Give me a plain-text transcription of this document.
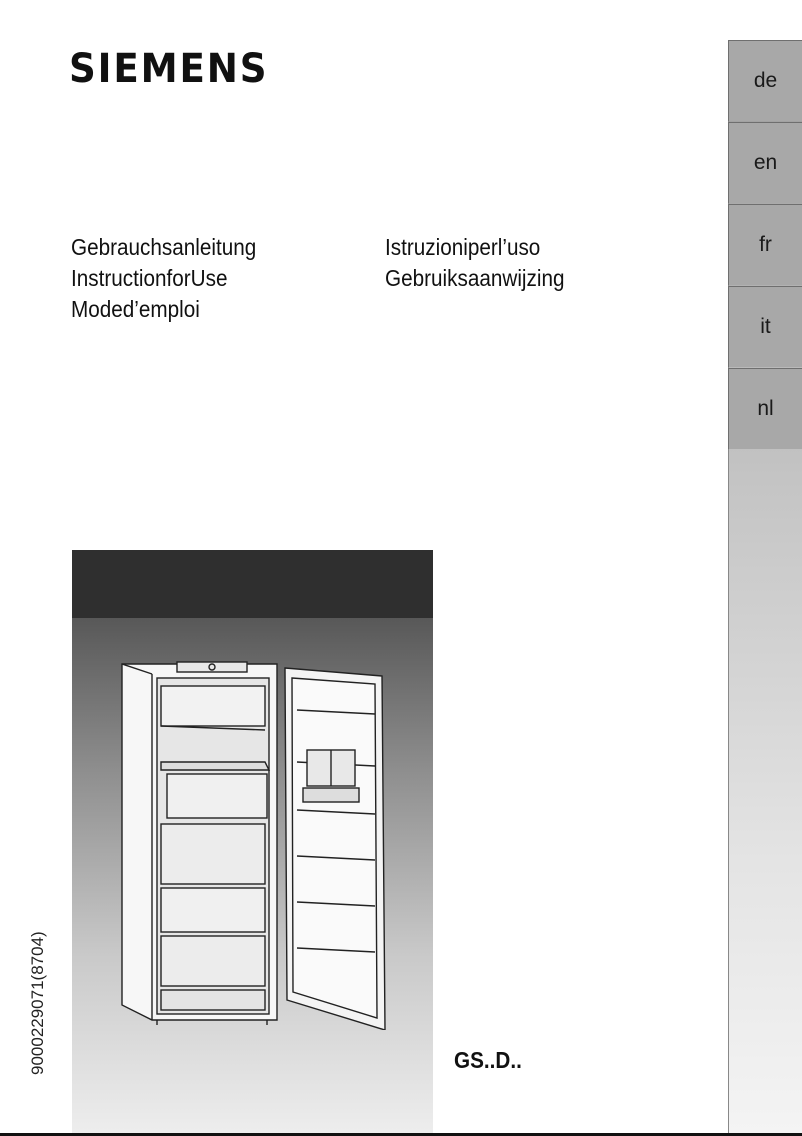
SIEMENS
Gebrauchsanleitung
InstructionforUse
Moded’emploi
Istruzioniperl’uso
Gebruiksaanwijzing
de
en
fr
it
nl
9000229071(8704)	GS..D..
